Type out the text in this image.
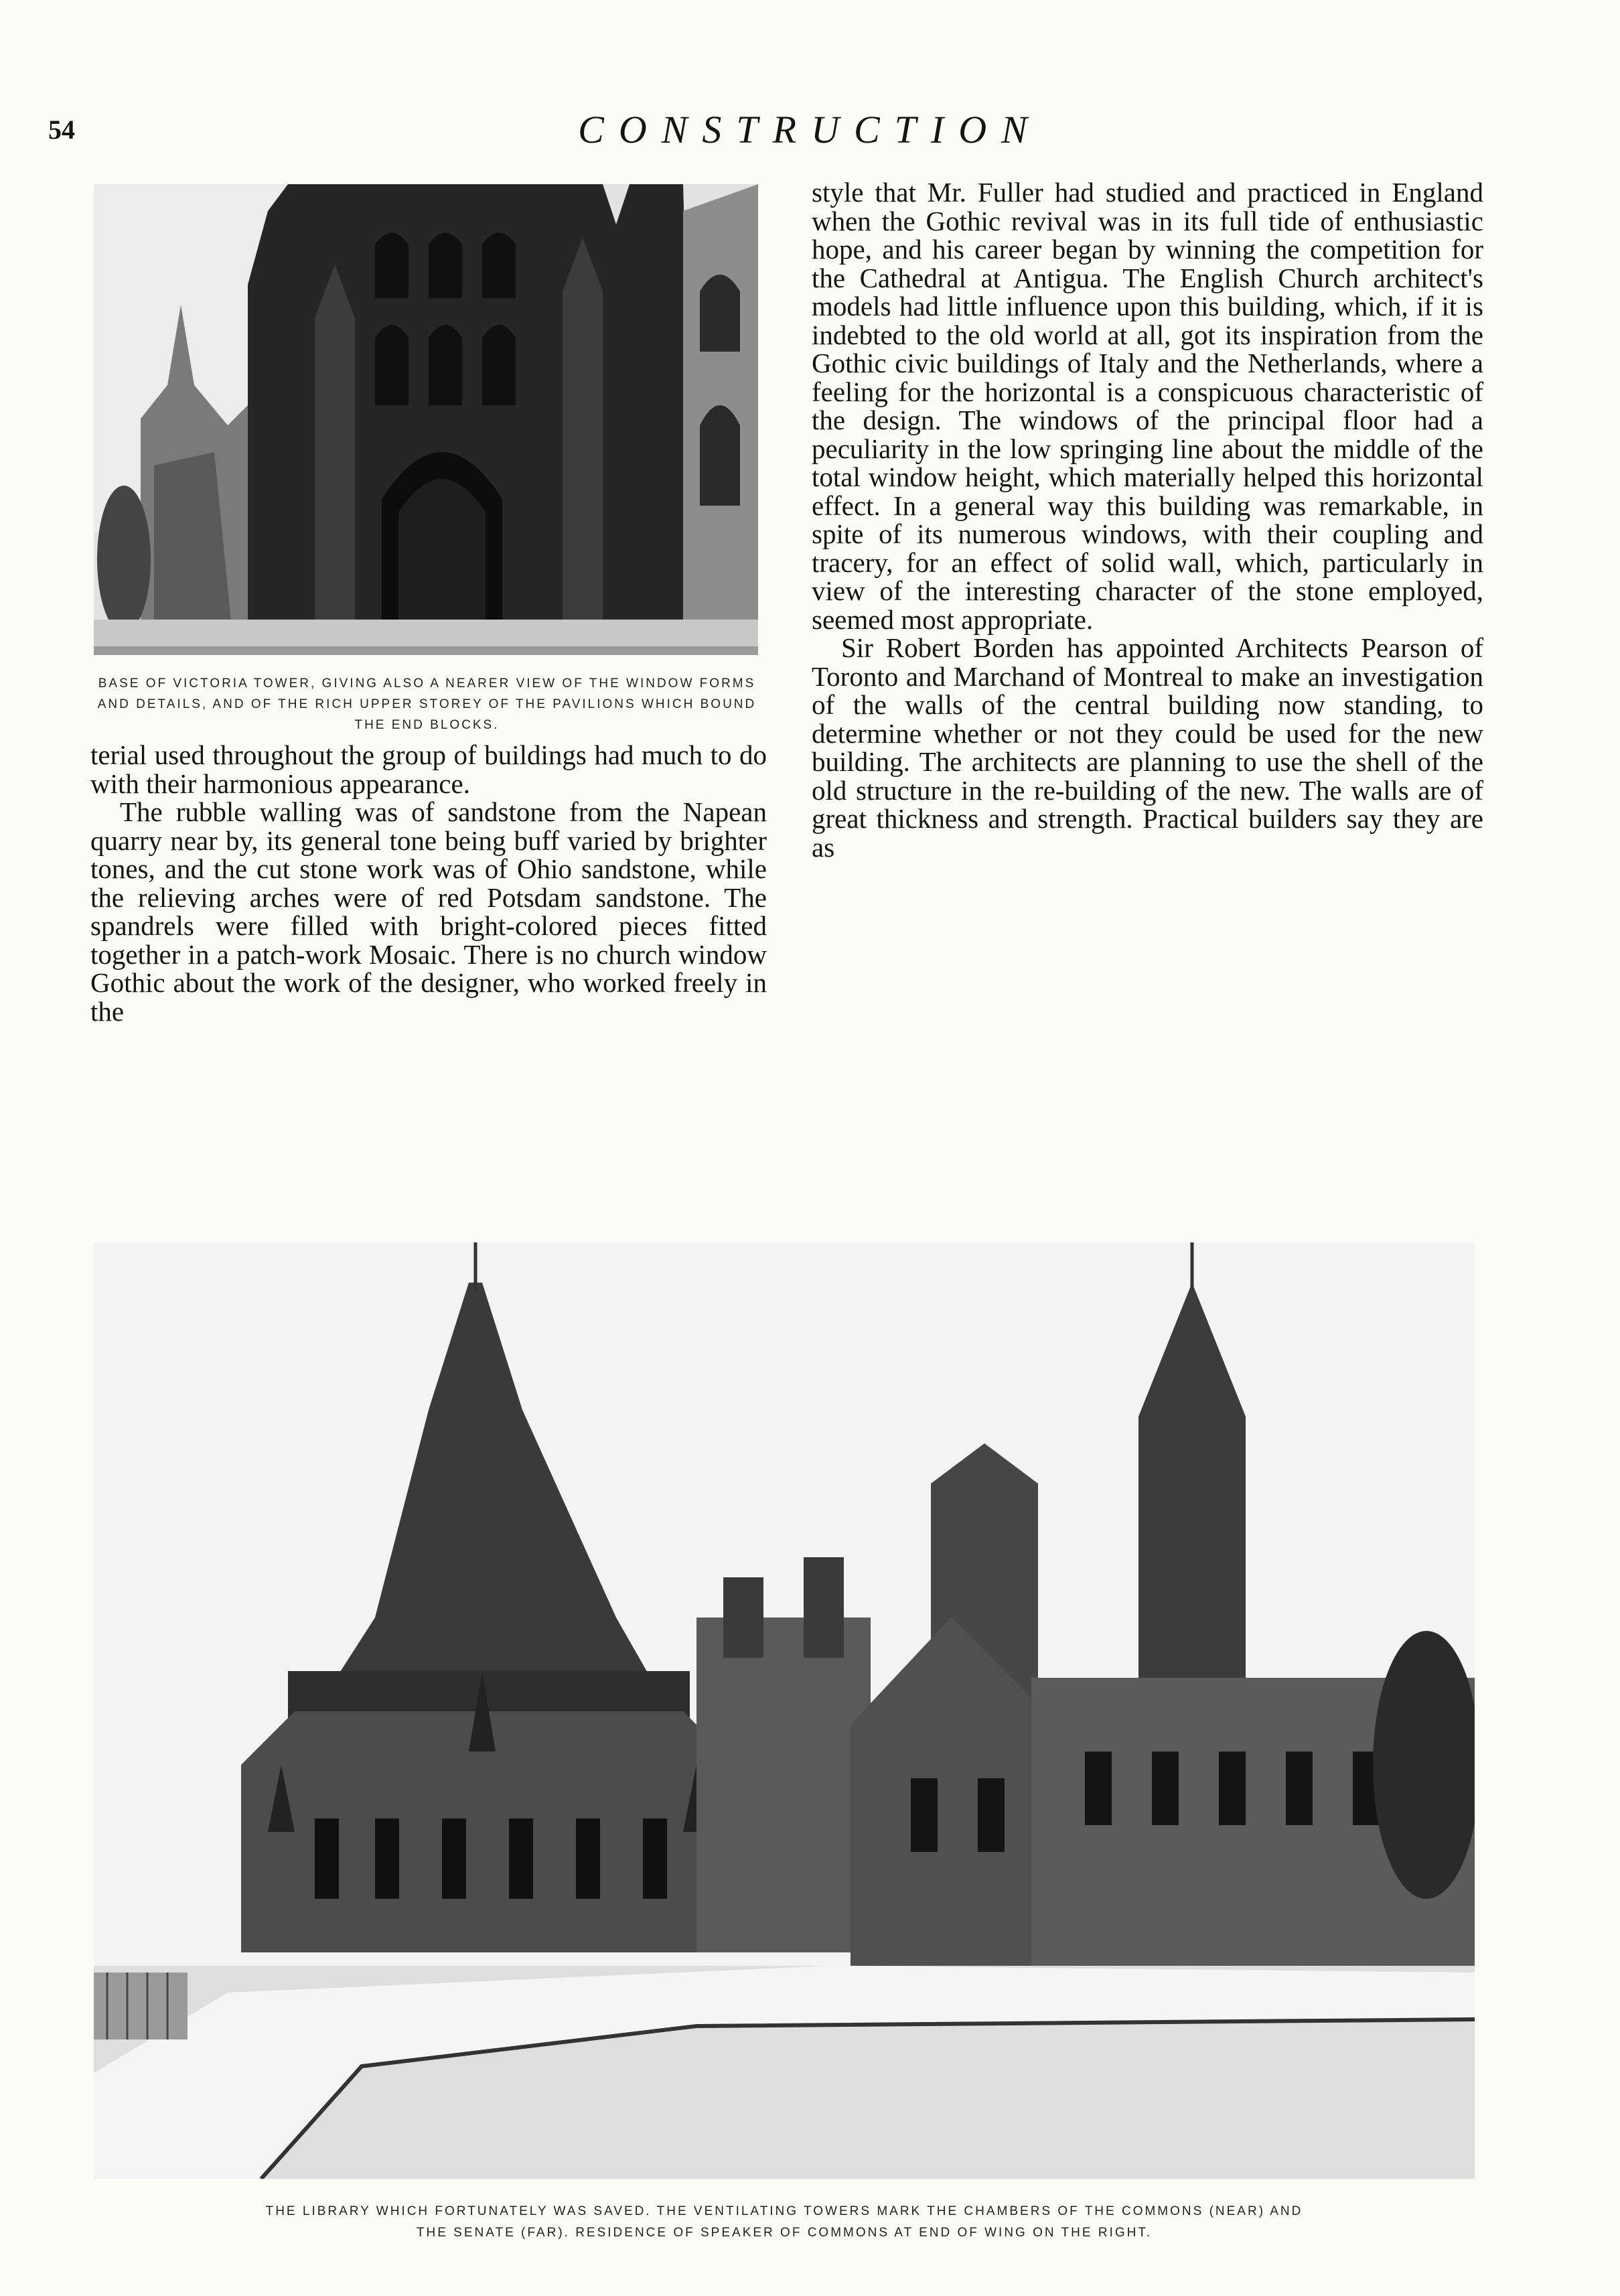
54	CONSTRUCTION
BASE OF VICTORIA TOWER, GIVING ALSO A NEARER VIEW OF THE WINDOW FORMS AND DETAILS, AND OF THE RICH UPPER STOREY OF THE PAVILIONS WHICH BOUND THE END BLOCKS.

terial used throughout the group of buildings had much to do with their harmonious appearance.

The rubble walling was of sandstone from the Napean quarry near by, its general tone being buff varied by brighter tones, and the cut stone work was of Ohio sandstone, while the relieving arches were of red Potsdam sandstone. The spandrels were filled with bright-colored pieces fitted together in a patch-work Mosaic. There is no church window Gothic about the work of the designer, who worked freely in the

style that Mr. Fuller had studied and practiced in England when the Gothic revival was in its full tide of enthusiastic hope, and his career began by winning the competition for the Cathedral at Antigua. The English Church architect's models had little influence upon this building, which, if it is indebted to the old world at all, got its inspiration from the Gothic civic buildings of Italy and the Netherlands, where a feeling for the horizontal is a conspicuous characteristic of the design. The windows of the principal floor had a peculiarity in the low springing line about the middle of the total window height, which materially helped this horizontal effect. In a general way this building was remarkable, in spite of its numerous windows, with their coupling and tracery, for an effect of solid wall, which, particularly in view of the interesting character of the stone employed, seemed most appropriate.

Sir Robert Borden has appointed Architects Pearson of Toronto and Marchand of Montreal to make an investigation of the walls of the central building now standing, to determine whether or not they could be used for the new building. The architects are planning to use the shell of the old structure in the re-building of the new. The walls are of great thickness and strength. Practical builders say they are as

THE LIBRARY WHICH FORTUNATELY WAS SAVED. THE VENTILATING TOWERS MARK THE CHAMBERS OF THE COMMONS (NEAR) AND
THE SENATE (FAR). RESIDENCE OF SPEAKER OF COMMONS AT END OF WING ON THE RIGHT.
